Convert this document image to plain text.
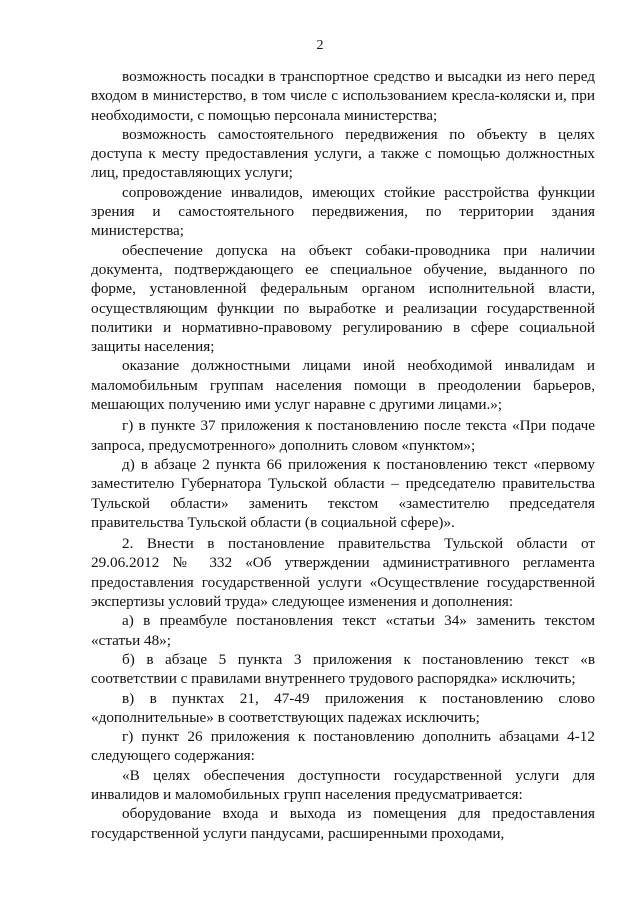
2

возможность посадки в транспортное средство и высадки из него перед входом в министерство, в том числе с использованием кресла-коляски и, при необходимости, с помощью персонала министерства;

возможность самостоятельного передвижения по объекту в целях доступа к месту предоставления услуги, а также с помощью должностных лиц, предоставляющих услуги;

сопровождение инвалидов, имеющих стойкие расстройства функции зрения и самостоятельного передвижения, по территории здания министерства;

обеспечение допуска на объект собаки-проводника при наличии документа, подтверждающего ее специальное обучение, выданного по форме, установленной федеральным органом исполнительной власти, осуществляющим функции по выработке и реализации государственной политики и нормативно-правовому регулированию в сфере социальной защиты населения;

оказание должностными лицами иной необходимой инвалидам и маломобильным группам населения помощи в преодолении барьеров, мешающих получению ими услуг наравне с другими лицами.»;

г) в пункте 37 приложения к постановлению после текста «При подаче запроса, предусмотренного» дополнить словом «пунктом»;

д) в абзаце 2 пункта 66 приложения к постановлению текст «первому заместителю Губернатора Тульской области – председателю правительства Тульской области» заменить текстом «заместителю председателя правительства Тульской области (в социальной сфере)».

2. Внести в постановление правительства Тульской области от 29.06.2012 № 332 «Об утверждении административного регламента предоставления государственной услуги «Осуществление государственной экспертизы условий труда» следующее изменения и дополнения:

а) в преамбуле постановления текст «статьи 34» заменить текстом «статьи 48»;

б) в абзаце 5 пункта 3 приложения к постановлению текст «в соответствии с правилами внутреннего трудового распорядка» исключить;

в) в пунктах 21, 47-49 приложения к постановлению слово «дополнительные» в соответствующих падежах исключить;

г) пункт 26 приложения к постановлению дополнить абзацами 4-12 следующего содержания:

«В целях обеспечения доступности государственной услуги для инвалидов и маломобильных групп населения предусматривается:

оборудование входа и выхода из помещения для предоставления государственной услуги пандусами, расширенными проходами,
